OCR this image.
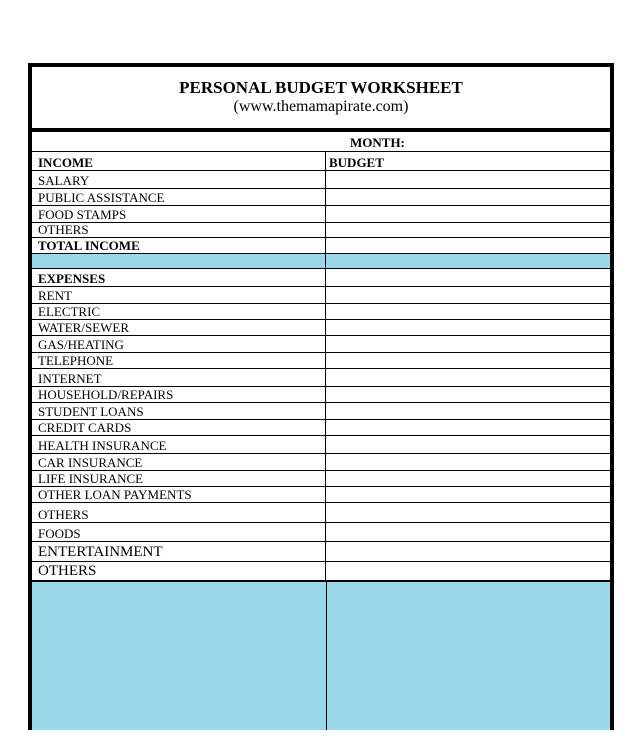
PERSONAL BUDGET WORKSHEET
(www.themamapirate.com)
MONTH:
INCOME	BUDGET
SALARY
PUBLIC ASSISTANCE
FOOD STAMPS
OTHERS
TOTAL INCOME
EXPENSES
RENT
ELECTRIC
WATER/SEWER
GAS/HEATING
TELEPHONE
INTERNET
HOUSEHOLD/REPAIRS
STUDENT LOANS
CREDIT CARDS
HEALTH INSURANCE
CAR INSURANCE
LIFE INSURANCE
OTHER LOAN PAYMENTS
OTHERS
FOODS
ENTERTAINMENT
OTHERS
